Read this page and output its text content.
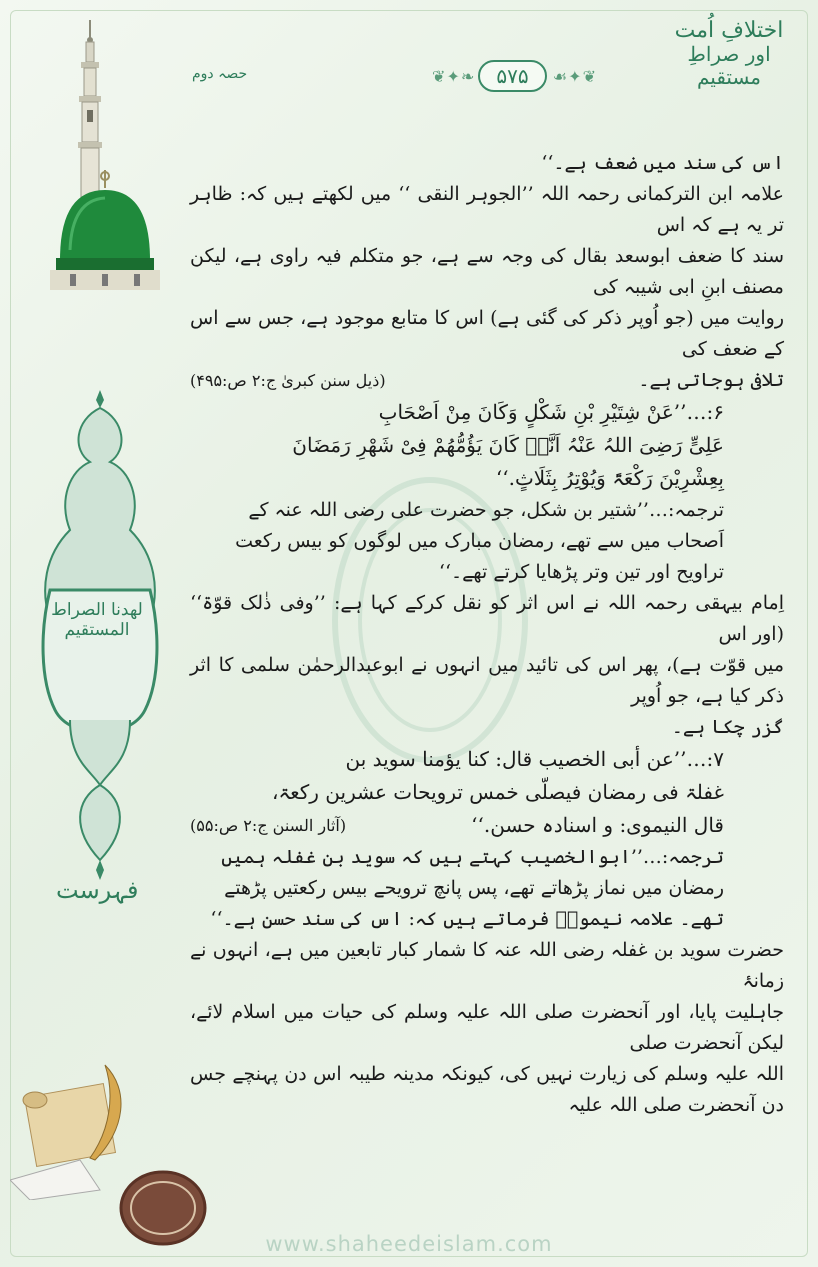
اختلافِ اُمت
اور صراطِ مستقیم
❦ ✦ ❧	۵۷۵	☙ ✦ ❦
حصہ دوم
لهدنا الصراط المستقیم
فہرست

اس کی سند میں ضعف ہے۔‘‘

علامہ ابن الترکمانی رحمہ اللہ ’’الجوہر النقی ‘‘ میں لکھتے ہیں کہ: ظاہر تر یہ ہے کہ اس

سند کا ضعف ابوسعد بقال کی وجہ سے ہے، جو متکلم فیہ راوی ہے، لیکن مصنف ابنِ ابی شیبہ کی

روایت میں (جو اُوپر ذکر کی گئی ہے) اس کا متابع موجود ہے، جس سے اس کے ضعف کی

تلافی ہوجاتی ہے۔
(ذیل سنن کبریٰ ج:۲ ص:۴۹۵)

۶:…’’عَنْ شِتَیْرِ بْنِ شَکْلٍ وَکَانَ مِنْ اَصْحَابِ

عَلِیٍّ رَضِیَ اللہُ عَنْہُ اَنَّہٗ کَانَ یَؤُمُّھُمْ فِیْ شَھْرِ رَمَضَانَ

بِعِشْرِیْنَ رَکْعَۃً وَیُوْتِرُ بِثَلَاثٍ.‘‘

ترجمہ:…’’شتیر بن شکل، جو حضرت علی رضی اللہ عنہ کے

اَصحاب میں سے تھے، رمضان مبارک میں لوگوں کو بیس رکعت

تراویح اور تین وتر پڑھایا کرتے تھے۔‘‘

اِمام بیہقی رحمہ اللہ نے اس اثر کو نقل کرکے کہا ہے: ’’وفی ذٰلک قوّۃ‘‘ (اور اس

میں قوّت ہے)، پھر اس کی تائید میں انہوں نے ابوعبدالرحمٰن سلمی کا اثر ذکر کیا ہے، جو اُوپر

گزر چکا ہے۔

۷:…’’عن أبی الخصیب قال: کنا یؤمنا سوید بن

غفلۃ فی رمضان فیصلّی خمس ترویحات عشرین رکعۃ،

قال النیموی: و اسنادہ حسن.‘‘
(آثار السنن ج:۲ ص:۵۵)

ترجمہ:…’’ابوالخصیب کہتے ہیں کہ سوید بن غفلہ ہمیں

رمضان میں نماز پڑھاتے تھے، پس پانچ ترویحے بیس رکعتیں پڑھتے

تھے۔ علامہ نیمویؒ فرماتے ہیں کہ: اس کی سند حسن ہے۔‘‘

حضرت سوید بن غفلہ رضی اللہ عنہ کا شمار کبار تابعین میں ہے، انہوں نے زمانۂ

جاہلیت پایا، اور آنحضرت صلی اللہ علیہ وسلم کی حیات میں اسلام لائے، لیکن آنحضرت صلی

اللہ علیہ وسلم کی زیارت نہیں کی، کیونکہ مدینہ طیبہ اس دن پہنچے جس دن آنحضرت صلی اللہ علیہ

www.shaheedeislam.com
